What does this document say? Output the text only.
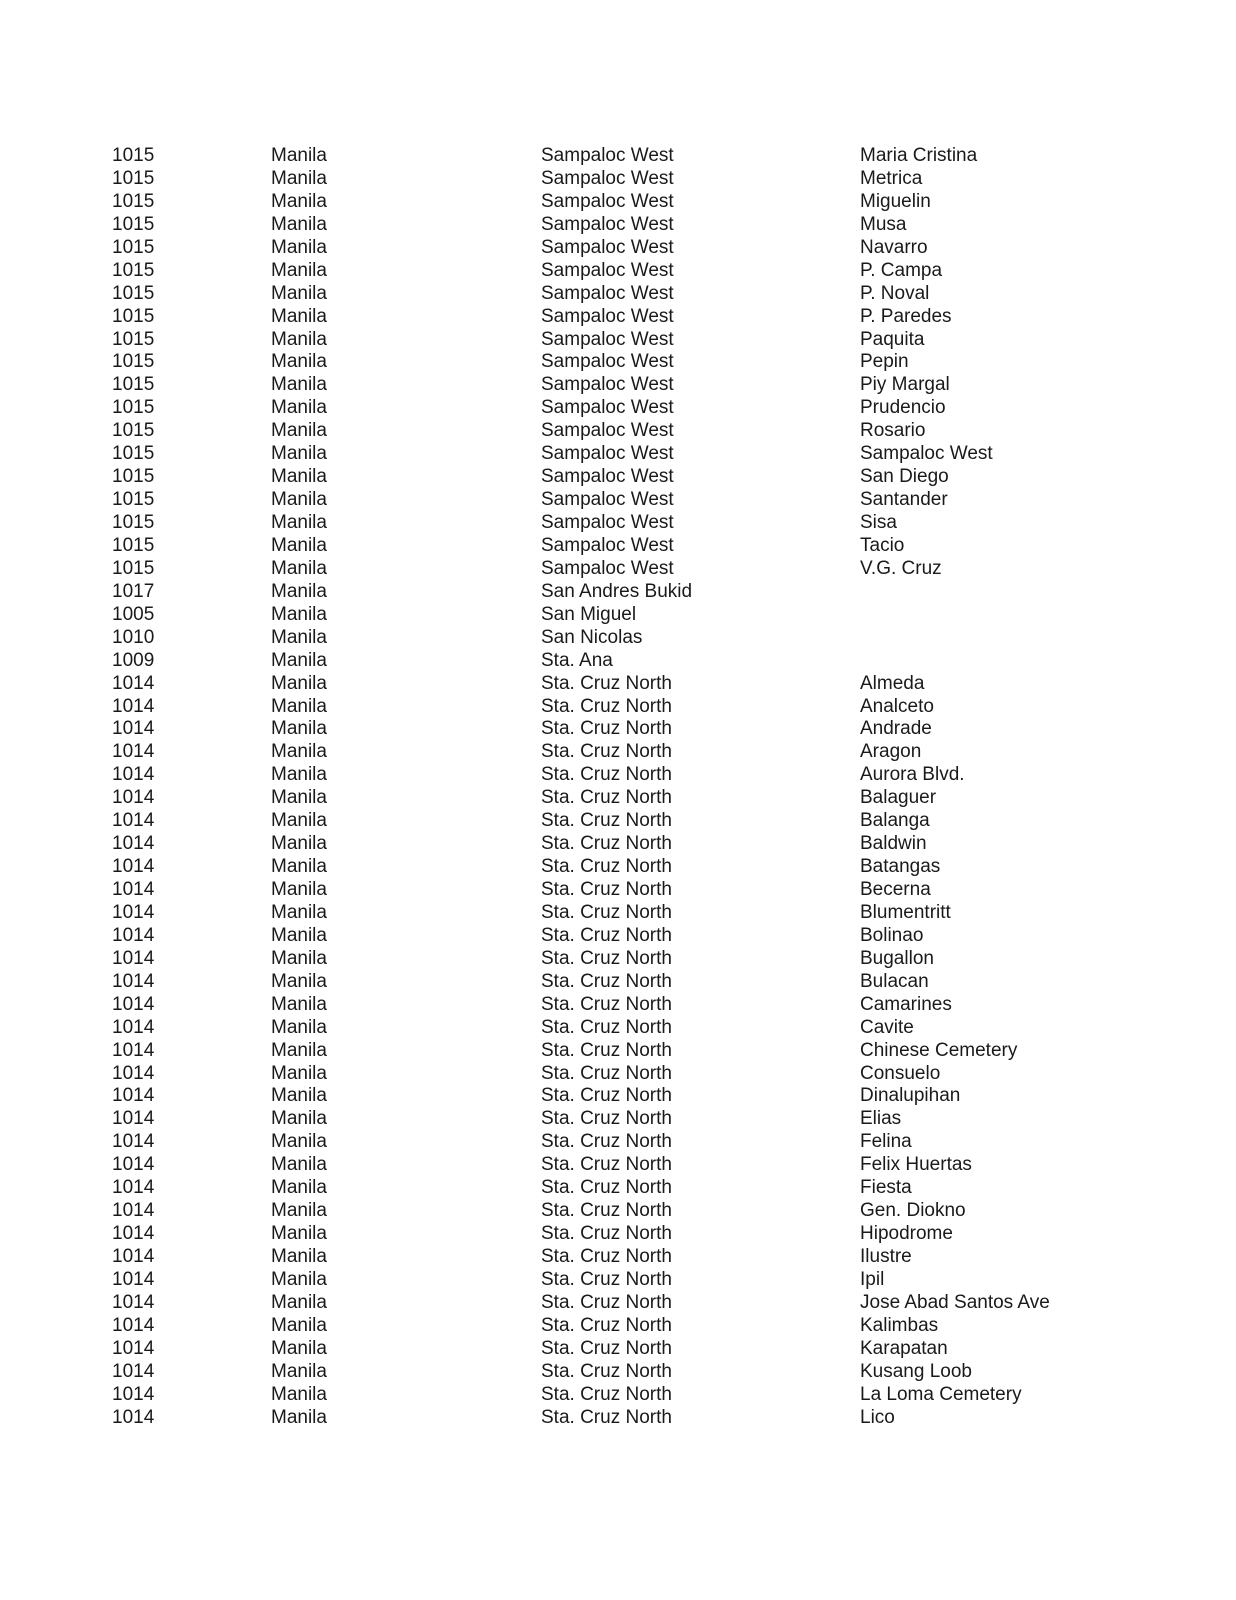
1015	Manila	Sampaloc West	Maria Cristina
1015	Manila	Sampaloc West	Metrica
1015	Manila	Sampaloc West	Miguelin
1015	Manila	Sampaloc West	Musa
1015	Manila	Sampaloc West	Navarro
1015	Manila	Sampaloc West	P. Campa
1015	Manila	Sampaloc West	P. Noval
1015	Manila	Sampaloc West	P. Paredes
1015	Manila	Sampaloc West	Paquita
1015	Manila	Sampaloc West	Pepin
1015	Manila	Sampaloc West	Piy Margal
1015	Manila	Sampaloc West	Prudencio
1015	Manila	Sampaloc West	Rosario
1015	Manila	Sampaloc West	Sampaloc West
1015	Manila	Sampaloc West	San Diego
1015	Manila	Sampaloc West	Santander
1015	Manila	Sampaloc West	Sisa
1015	Manila	Sampaloc West	Tacio
1015	Manila	Sampaloc West	V.G. Cruz
1017	Manila	San Andres Bukid
1005	Manila	San Miguel
1010	Manila	San Nicolas
1009	Manila	Sta. Ana
1014	Manila	Sta. Cruz North	Almeda
1014	Manila	Sta. Cruz North	Analceto
1014	Manila	Sta. Cruz North	Andrade
1014	Manila	Sta. Cruz North	Aragon
1014	Manila	Sta. Cruz North	Aurora Blvd.
1014	Manila	Sta. Cruz North	Balaguer
1014	Manila	Sta. Cruz North	Balanga
1014	Manila	Sta. Cruz North	Baldwin
1014	Manila	Sta. Cruz North	Batangas
1014	Manila	Sta. Cruz North	Becerna
1014	Manila	Sta. Cruz North	Blumentritt
1014	Manila	Sta. Cruz North	Bolinao
1014	Manila	Sta. Cruz North	Bugallon
1014	Manila	Sta. Cruz North	Bulacan
1014	Manila	Sta. Cruz North	Camarines
1014	Manila	Sta. Cruz North	Cavite
1014	Manila	Sta. Cruz North	Chinese Cemetery
1014	Manila	Sta. Cruz North	Consuelo
1014	Manila	Sta. Cruz North	Dinalupihan
1014	Manila	Sta. Cruz North	Elias
1014	Manila	Sta. Cruz North	Felina
1014	Manila	Sta. Cruz North	Felix Huertas
1014	Manila	Sta. Cruz North	Fiesta
1014	Manila	Sta. Cruz North	Gen. Diokno
1014	Manila	Sta. Cruz North	Hipodrome
1014	Manila	Sta. Cruz North	Ilustre
1014	Manila	Sta. Cruz North	Ipil
1014	Manila	Sta. Cruz North	Jose Abad Santos Ave
1014	Manila	Sta. Cruz North	Kalimbas
1014	Manila	Sta. Cruz North	Karapatan
1014	Manila	Sta. Cruz North	Kusang Loob
1014	Manila	Sta. Cruz North	La Loma Cemetery
1014	Manila	Sta. Cruz North	Lico
